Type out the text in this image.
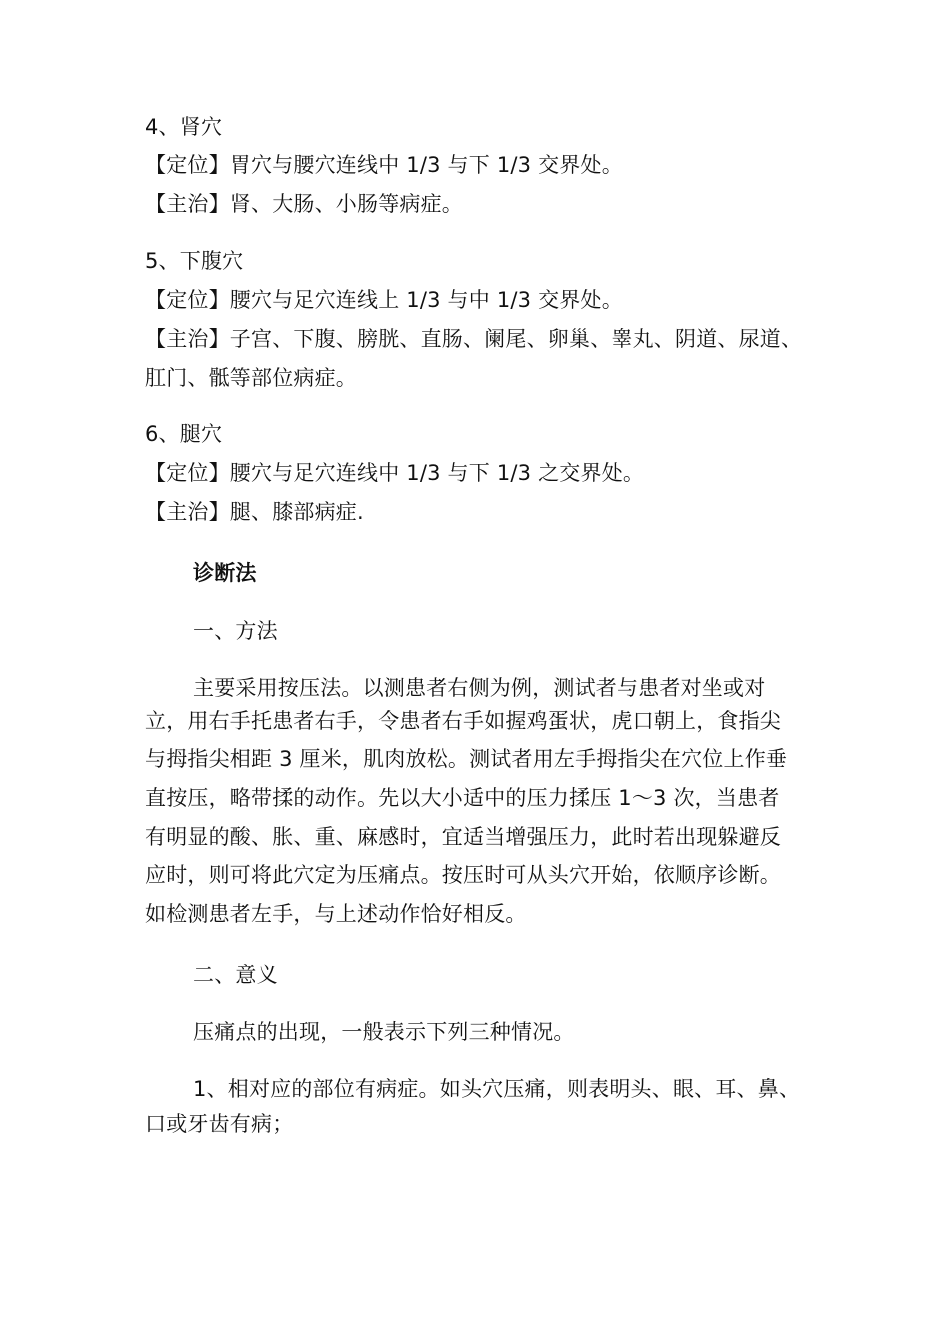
4、肾穴
【定位】胃穴与腰穴连线中 1/3 与下 1/3 交界处。
【主治】肾、大肠、小肠等病症。
5、下腹穴
【定位】腰穴与足穴连线上 1/3 与中 1/3 交界处。
【主治】子宫、下腹、膀胱、直肠、阑尾、卵巢、睾丸、阴道、尿道、
肛门、骶等部位病症。
6、腿穴
【定位】腰穴与足穴连线中 1/3 与下 1/3 之交界处。
【主治】腿、膝部病症.
诊断法
一、方法
主要采用按压法。以测患者右侧为例，测试者与患者对坐或对
立，用右手托患者右手，令患者右手如握鸡蛋状，虎口朝上，食指尖
与拇指尖相距 3 厘米，肌肉放松。测试者用左手拇指尖在穴位上作垂
直按压，略带揉的动作。先以大小适中的压力揉压 1～3 次，当患者
有明显的酸、胀、重、麻感时，宜适当增强压力，此时若出现躲避反
应时，则可将此穴定为压痛点。按压时可从头穴开始，依顺序诊断。
如检测患者左手，与上述动作恰好相反。
二、意义
压痛点的出现，一般表示下列三种情况。
1、相对应的部位有病症。如头穴压痛，则表明头、眼、耳、鼻、
口或牙齿有病；
